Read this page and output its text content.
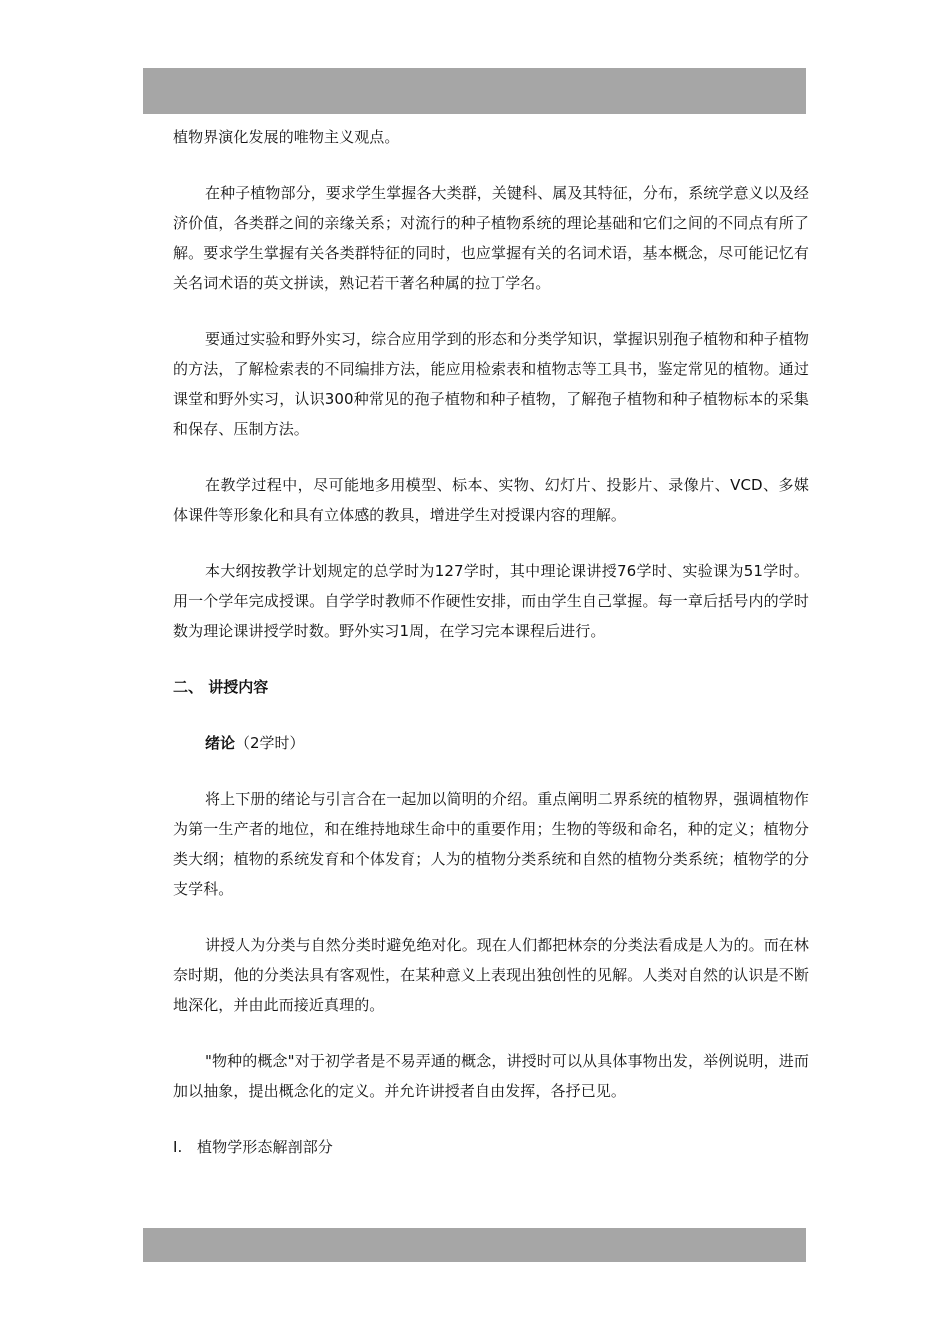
植物界演化发展的唯物主义观点。

在种子植物部分，要求学生掌握各大类群，关键科、属及其特征，分布，系统学意义以及经济价值，各类群之间的亲缘关系；对流行的种子植物系统的理论基础和它们之间的不同点有所了解。要求学生掌握有关各类群特征的同时，也应掌握有关的名词术语，基本概念，尽可能记忆有关名词术语的英文拼读，熟记若干著名种属的拉丁学名。

要通过实验和野外实习，综合应用学到的形态和分类学知识，掌握识别孢子植物和种子植物的方法，了解检索表的不同编排方法，能应用检索表和植物志等工具书，鉴定常见的植物。通过课堂和野外实习，认识300种常见的孢子植物和种子植物，了解孢子植物和种子植物标本的采集和保存、压制方法。

在教学过程中，尽可能地多用模型、标本、实物、幻灯片、投影片、录像片、VCD、多媒体课件等形象化和具有立体感的教具，增进学生对授课内容的理解。

本大纲按教学计划规定的总学时为127学时，其中理论课讲授76学时、实验课为51学时。用一个学年完成授课。自学学时教师不作硬性安排，而由学生自己掌握。每一章后括号内的学时数为理论课讲授学时数。野外实习1周，在学习完本课程后进行。

二、 讲授内容

绪论（2学时）

将上下册的绪论与引言合在一起加以简明的介绍。重点阐明二界系统的植物界，强调植物作为第一生产者的地位，和在维持地球生命中的重要作用；生物的等级和命名，种的定义；植物分类大纲；植物的系统发育和个体发育；人为的植物分类系统和自然的植物分类系统；植物学的分支学科。

讲授人为分类与自然分类时避免绝对化。现在人们都把林奈的分类法看成是人为的。而在林奈时期，他的分类法具有客观性，在某种意义上表现出独创性的见解。人类对自然的认识是不断地深化，并由此而接近真理的。

"物种的概念"对于初学者是不易弄通的概念，讲授时可以从具体事物出发，举例说明，进而加以抽象，提出概念化的定义。并允许讲授者自由发挥，各抒已见。

I.   植物学形态解剖部分
